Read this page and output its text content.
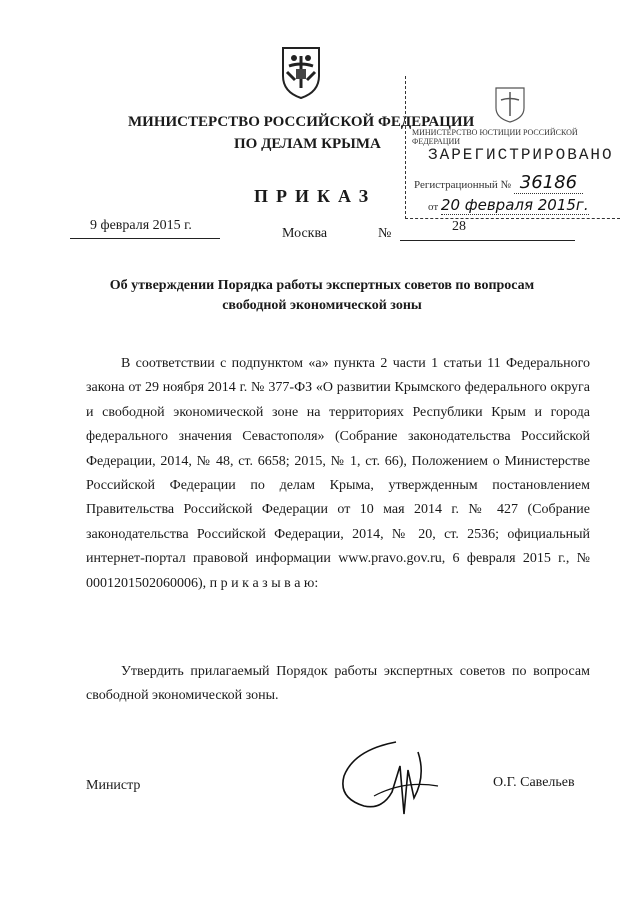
МИНИСТЕРСТВО РОССИЙСКОЙ ФЕДЕРАЦИИ
ПО ДЕЛАМ КРЫМА
МИНИСТЕРСТВО ЮСТИЦИИ РОССИЙСКОЙ ФЕДЕРАЦИИ
ЗАРЕГИСТРИРОВАНО
Регистрационный № 36186
от 20 февраля 2015г.
ПРИКАЗ
9 февраля 2015 г.
Москва	№	28
Об утверждении Порядка работы экспертных советов по вопросам свободной экономической зоны
В соответствии с подпунктом «а» пункта 2 части 1 статьи 11 Федерального закона от 29 ноября 2014 г. № 377-ФЗ «О развитии Крымского федерального округа и свободной экономической зоне на территориях Республики Крым и города федерального значения Севастополя» (Собрание законодательства Российской Федерации, 2014, № 48, ст. 6658; 2015, № 1, ст. 66), Положением о Министерстве Российской Федерации по делам Крыма, утвержденным постановлением Правительства Российской Федерации от 10 мая 2014 г. № 427 (Собрание законодательства Российской Федерации, 2014, № 20, ст. 2536; официальный интернет-портал правовой информации www.pravo.gov.ru, 6 февраля 2015 г., № 0001201502060006), п р и к а з ы в а ю:
Утвердить прилагаемый Порядок работы экспертных советов по вопросам свободной экономической зоны.
Министр	О.Г. Савельев
